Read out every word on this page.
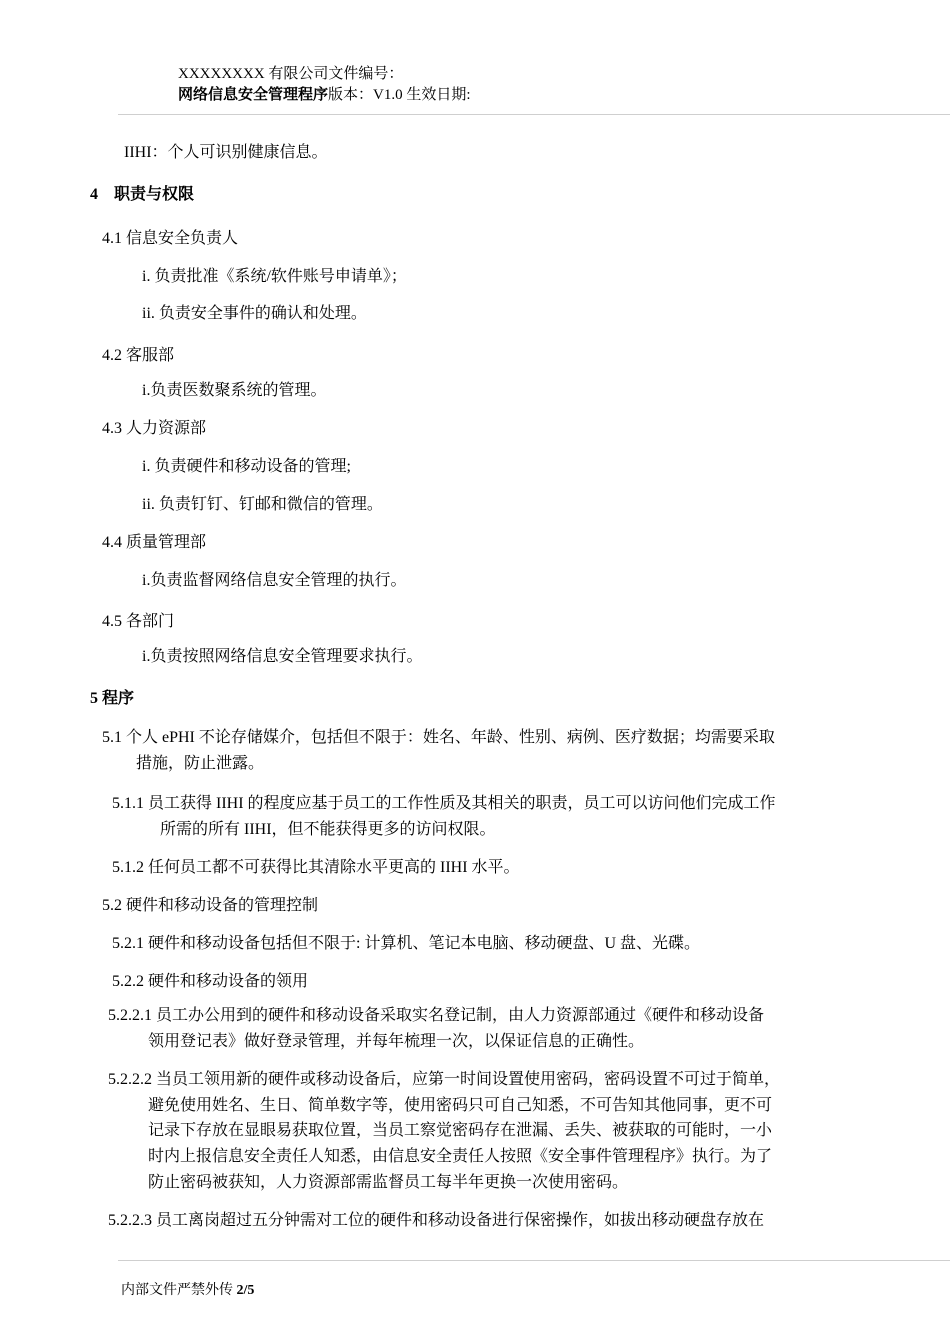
XXXXXXXX 有限公司文件编号：
网络信息安全管理程序版本：V1.0 生效日期:
IIHI：个人可识别健康信息。
4　职责与权限
4.1 信息安全负责人
i. 负责批准《系统/软件账号申请单》；
ii. 负责安全事件的确认和处理。
4.2 客服部
i.负责医数聚系统的管理。
4.3 人力资源部
i. 负责硬件和移动设备的管理;
ii. 负责钉钉、钉邮和微信的管理。
4.4 质量管理部
i.负责监督网络信息安全管理的执行。
4.5 各部门
i.负责按照网络信息安全管理要求执行。
5 程序
5.1 个人 ePHI 不论存储媒介，包括但不限于：姓名、年龄、性别、病例、医疗数据；均需要采取
措施，防止泄露。
5.1.1 员工获得 IIHI 的程度应基于员工的工作性质及其相关的职责，员工可以访问他们完成工作
所需的所有 IIHI，但不能获得更多的访问权限。
5.1.2 任何员工都不可获得比其清除水平更高的 IIHI 水平。
5.2 硬件和移动设备的管理控制
5.2.1 硬件和移动设备包括但不限于: 计算机、笔记本电脑、移动硬盘、U 盘、光碟。
5.2.2 硬件和移动设备的领用
5.2.2.1 员工办公用到的硬件和移动设备采取实名登记制，由人力资源部通过《硬件和移动设备
领用登记表》做好登录管理，并每年梳理一次，以保证信息的正确性。
5.2.2.2 当员工领用新的硬件或移动设备后，应第一时间设置使用密码，密码设置不可过于简单，
避免使用姓名、生日、简单数字等，使用密码只可自己知悉，不可告知其他同事，更不可
记录下存放在显眼易获取位置，当员工察觉密码存在泄漏、丢失、被获取的可能时，一小
时内上报信息安全责任人知悉，由信息安全责任人按照《安全事件管理程序》执行。为了
防止密码被获知，人力资源部需监督员工每半年更换一次使用密码。
5.2.2.3 员工离岗超过五分钟需对工位的硬件和移动设备进行保密操作，如拔出移动硬盘存放在
内部文件严禁外传 2/5
